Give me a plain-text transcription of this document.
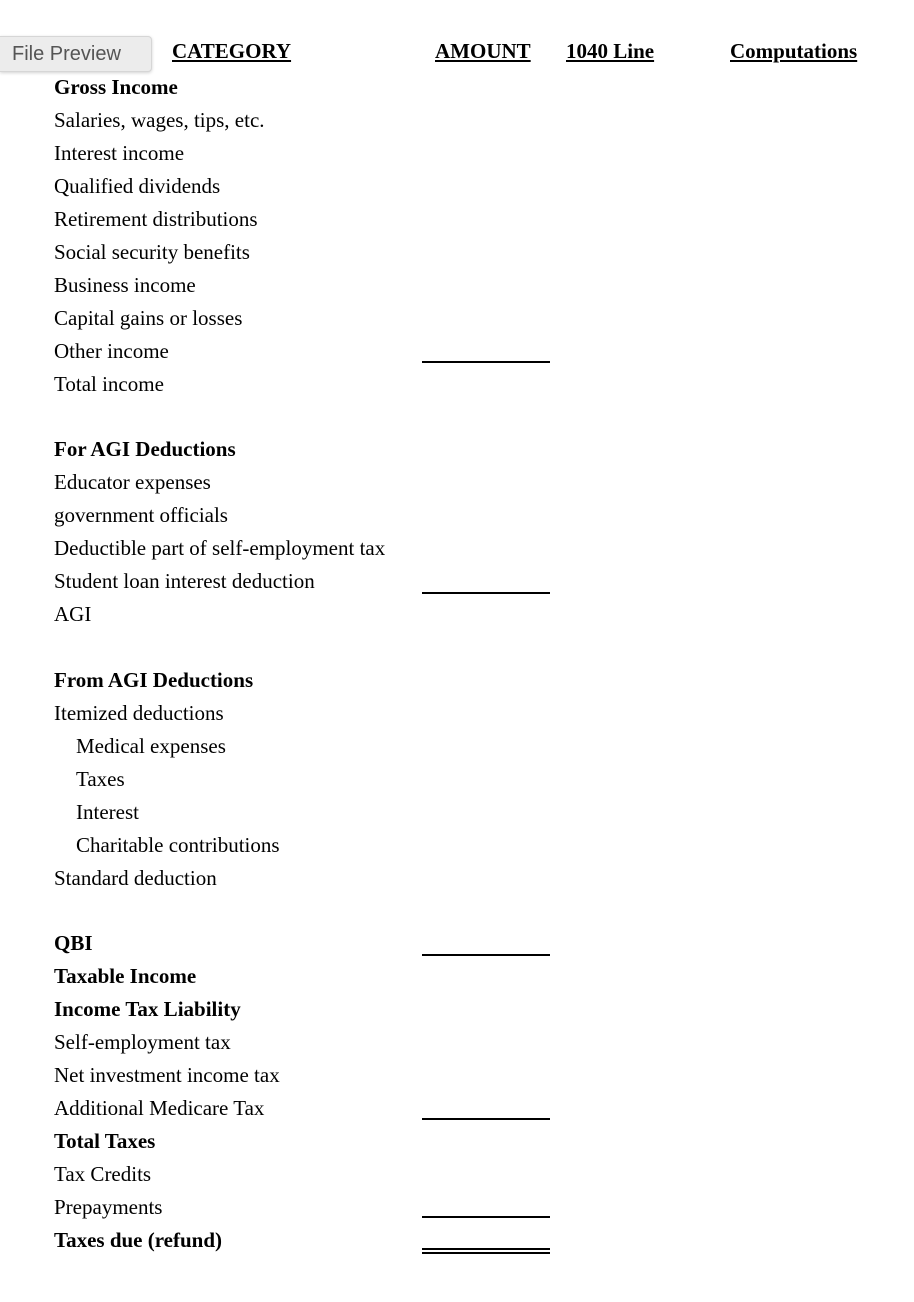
File Preview	CATEGORY	AMOUNT 1040 Line	Computations
Gross Income
Salaries, wages, tips, etc.
Interest income
Qualified dividends
Retirement distributions
Social security benefits
Business income
Capital gains or losses
Other income
Total income
For AGI Deductions
Educator expenses
government officials
Deductible part of self-employment tax
Student loan interest deduction
AGI
From AGI Deductions
Itemized deductions
Medical expenses
Taxes
Interest
Charitable contributions
Standard deduction
QBI
Taxable Income
Income Tax Liability
Self-employment tax
Net investment income tax
Additional Medicare Tax
Total Taxes
Tax Credits
Prepayments
Taxes due (refund)
